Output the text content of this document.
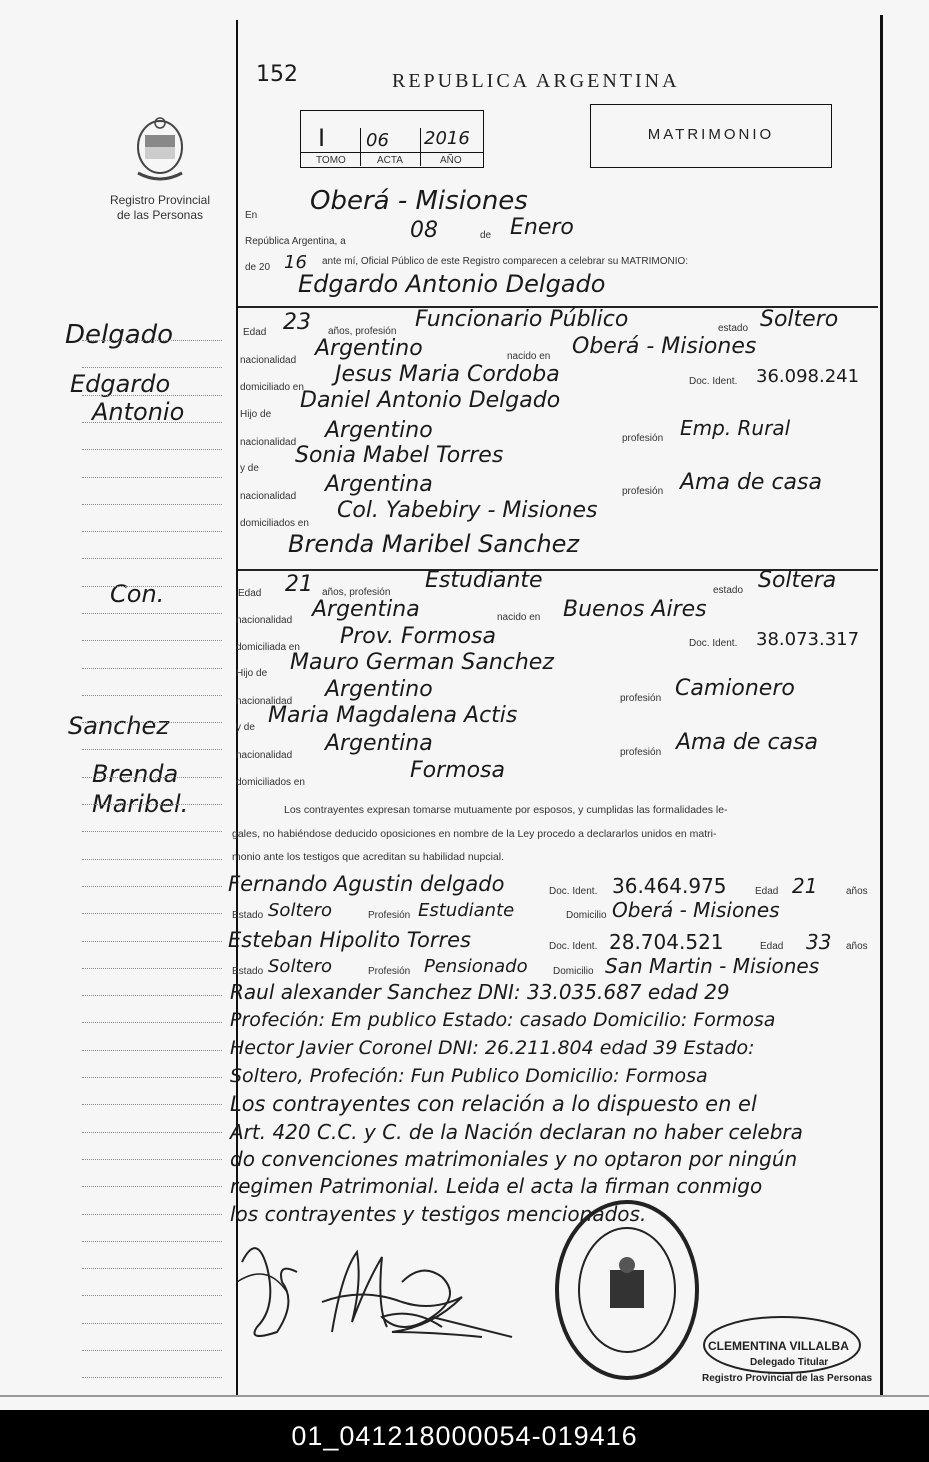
152	REPUBLICA ARGENTINA
Registro Provincial
de las Personas
I 06 2016
TOMO	ACTA	AÑO
MATRIMONIO
En Oberá - Misiones
República Argentina, a	08	de Enero
de 20 16 ante mí, Oficial Público de este Registro comparecen a celebrar su MATRIMONIO:
Edgardo Antonio Delgado
Edad 23 años, profesión Funcionario Público	estado Soltero
nacionalidad Argentino	nacido en Oberá - Misiones
domiciliado en
Jesus Maria Cordoba	Doc. Ident. 36.098.241
Hijo de
Daniel Antonio Delgado
nacionalidad Argentino	profesión Emp. Rural
y de
Sonia Mabel Torres
nacionalidad Argentina	profesión Ama de casa
domiciliados en
Col. Yabebiry - Misiones
Brenda Maribel Sanchez
Edad 21 años, profesión Estudiante	estado Soltera
nacionalidad Argentina	nacido en Buenos Aires
domiciliada en Prov. Formosa	Doc. Ident. 38.073.317
Hijo de Mauro German Sanchez
nacionalidad Argentino	profesión Camionero
y de Maria Magdalena Actis
nacionalidad Argentina	profesión Ama de casa
domiciliados en	Formosa
Delgado
Edgardo
Antonio
Con.
Sanchez
Brenda
Maribel.	Los contrayentes expresan tomarse mutuamente por esposos, y cumplidas las formalidades le-
gales, no habiéndose deducido oposiciones en nombre de la Ley procedo a declararlos unidos en matri-
monio ante los testigos que acreditan su habilidad nupcial.
Fernando Agustin delgado	Doc. Ident. 36.464.975	Edad 21	años
Estado Soltero	Profesión Estudiante	Domicilio Oberá - Misiones
Esteban Hipolito Torres	Doc. Ident. 28.704.521	Edad 33 años
Estado Soltero	Profesión Pensionado	Domicilio San Martin - Misiones
Raul alexander Sanchez DNI: 33.035.687 edad 29
Profeción: Em publico Estado: casado Domicilio: Formosa
Hector Javier Coronel DNI: 26.211.804 edad 39 Estado:
Soltero, Profeción: Fun Publico Domicilio: Formosa
Los contrayentes con relación a lo dispuesto en el
Art. 420 C.C. y C. de la Nación declaran no haber celebra
do convenciones matrimoniales y no optaron por ningún
regimen Patrimonial. Leida el acta la firman conmigo
los contrayentes y testigos mencionados.
CLEMENTINA VILLALBA
Delegado Titular
Registro Provincial de las Personas
01_041218000054-019416
